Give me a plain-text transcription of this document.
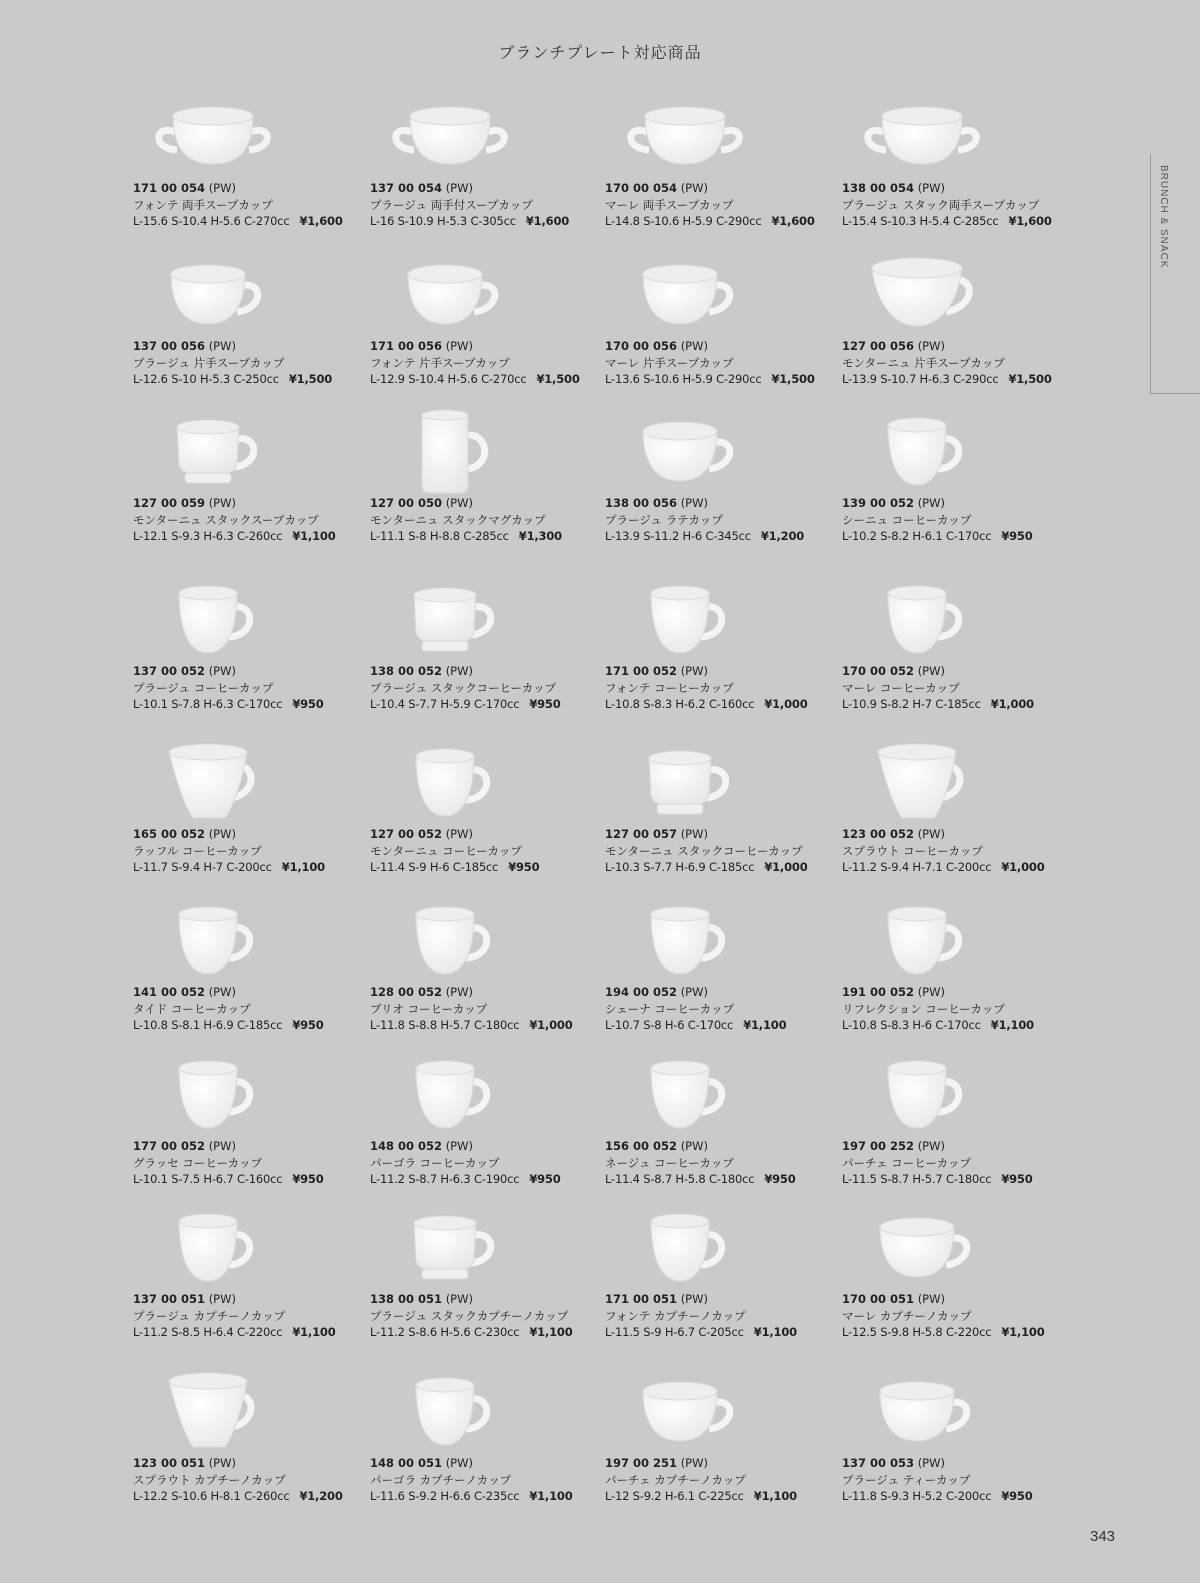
ブランチプレート対応商品
BRUNCH & SNACK
171 00 054 (PW)
フォンテ 両手スープカップ
L-15.6 S-10.4 H-5.6 C-270cc ¥1,600
137 00 054 (PW)
プラージュ 両手付スープカップ
L-16 S-10.9 H-5.3 C-305cc ¥1,600
170 00 054 (PW)
マーレ 両手スープカップ
L-14.8 S-10.6 H-5.9 C-290cc ¥1,600
138 00 054 (PW)
プラージュ スタック両手スープカップ
L-15.4 S-10.3 H-5.4 C-285cc ¥1,600
137 00 056 (PW)
プラージュ 片手スープカップ
L-12.6 S-10 H-5.3 C-250cc ¥1,500
171 00 056 (PW)
フォンテ 片手スープカップ
L-12.9 S-10.4 H-5.6 C-270cc ¥1,500
170 00 056 (PW)
マーレ 片手スープカップ
L-13.6 S-10.6 H-5.9 C-290cc ¥1,500
127 00 056 (PW)
モンターニュ 片手スープカップ
L-13.9 S-10.7 H-6.3 C-290cc ¥1,500
127 00 059 (PW)
モンターニュ スタックスープカップ
L-12.1 S-9.3 H-6.3 C-260cc ¥1,100
127 00 050 (PW)
モンターニュ スタックマグカップ
L-11.1 S-8 H-8.8 C-285cc ¥1,300
138 00 056 (PW)
プラージュ ラテカップ
L-13.9 S-11.2 H-6 C-345cc ¥1,200
139 00 052 (PW)
シーニュ コーヒーカップ
L-10.2 S-8.2 H-6.1 C-170cc ¥950
137 00 052 (PW)
プラージュ コーヒーカップ
L-10.1 S-7.8 H-6.3 C-170cc ¥950
138 00 052 (PW)
プラージュ スタックコーヒーカップ
L-10.4 S-7.7 H-5.9 C-170cc ¥950
171 00 052 (PW)
フォンテ コーヒーカップ
L-10.8 S-8.3 H-6.2 C-160cc ¥1,000
170 00 052 (PW)
マーレ コーヒーカップ
L-10.9 S-8.2 H-7 C-185cc ¥1,000
165 00 052 (PW)
ラッフル コーヒーカップ
L-11.7 S-9.4 H-7 C-200cc ¥1,100
127 00 052 (PW)
モンターニュ コーヒーカップ
L-11.4 S-9 H-6 C-185cc ¥950
127 00 057 (PW)
モンターニュ スタックコーヒーカップ
L-10.3 S-7.7 H-6.9 C-185cc ¥1,000
123 00 052 (PW)
スプラウト コーヒーカップ
L-11.2 S-9.4 H-7.1 C-200cc ¥1,000
141 00 052 (PW)
タイド コーヒーカップ
L-10.8 S-8.1 H-6.9 C-185cc ¥950
128 00 052 (PW)
ブリオ コーヒーカップ
L-11.8 S-8.8 H-5.7 C-180cc ¥1,000
194 00 052 (PW)
シェーナ コーヒーカップ
L-10.7 S-8 H-6 C-170cc ¥1,100
191 00 052 (PW)
リフレクション コーヒーカップ
L-10.8 S-8.3 H-6 C-170cc ¥1,100
177 00 052 (PW)
グラッセ コーヒーカップ
L-10.1 S-7.5 H-6.7 C-160cc ¥950
148 00 052 (PW)
パーゴラ コーヒーカップ
L-11.2 S-8.7 H-6.3 C-190cc ¥950
156 00 052 (PW)
ネージュ コーヒーカップ
L-11.4 S-8.7 H-5.8 C-180cc ¥950
197 00 252 (PW)
パーチェ コーヒーカップ
L-11.5 S-8.7 H-5.7 C-180cc ¥950
137 00 051 (PW)
プラージュ カプチーノカップ
L-11.2 S-8.5 H-6.4 C-220cc ¥1,100
138 00 051 (PW)
プラージュ スタックカプチーノカップ
L-11.2 S-8.6 H-5.6 C-230cc ¥1,100
171 00 051 (PW)
フォンテ カプチーノカップ
L-11.5 S-9 H-6.7 C-205cc ¥1,100
170 00 051 (PW)
マーレ カプチーノカップ
L-12.5 S-9.8 H-5.8 C-220cc ¥1,100
123 00 051 (PW)
スプラウト カプチーノカップ
L-12.2 S-10.6 H-8.1 C-260cc ¥1,200
148 00 051 (PW)
パーゴラ カプチーノカップ
L-11.6 S-9.2 H-6.6 C-235cc ¥1,100
197 00 251 (PW)
パーチェ カプチーノカップ
L-12 S-9.2 H-6.1 C-225cc ¥1,100
137 00 053 (PW)
プラージュ ティーカップ
L-11.8 S-9.3 H-5.2 C-200cc ¥950
343
